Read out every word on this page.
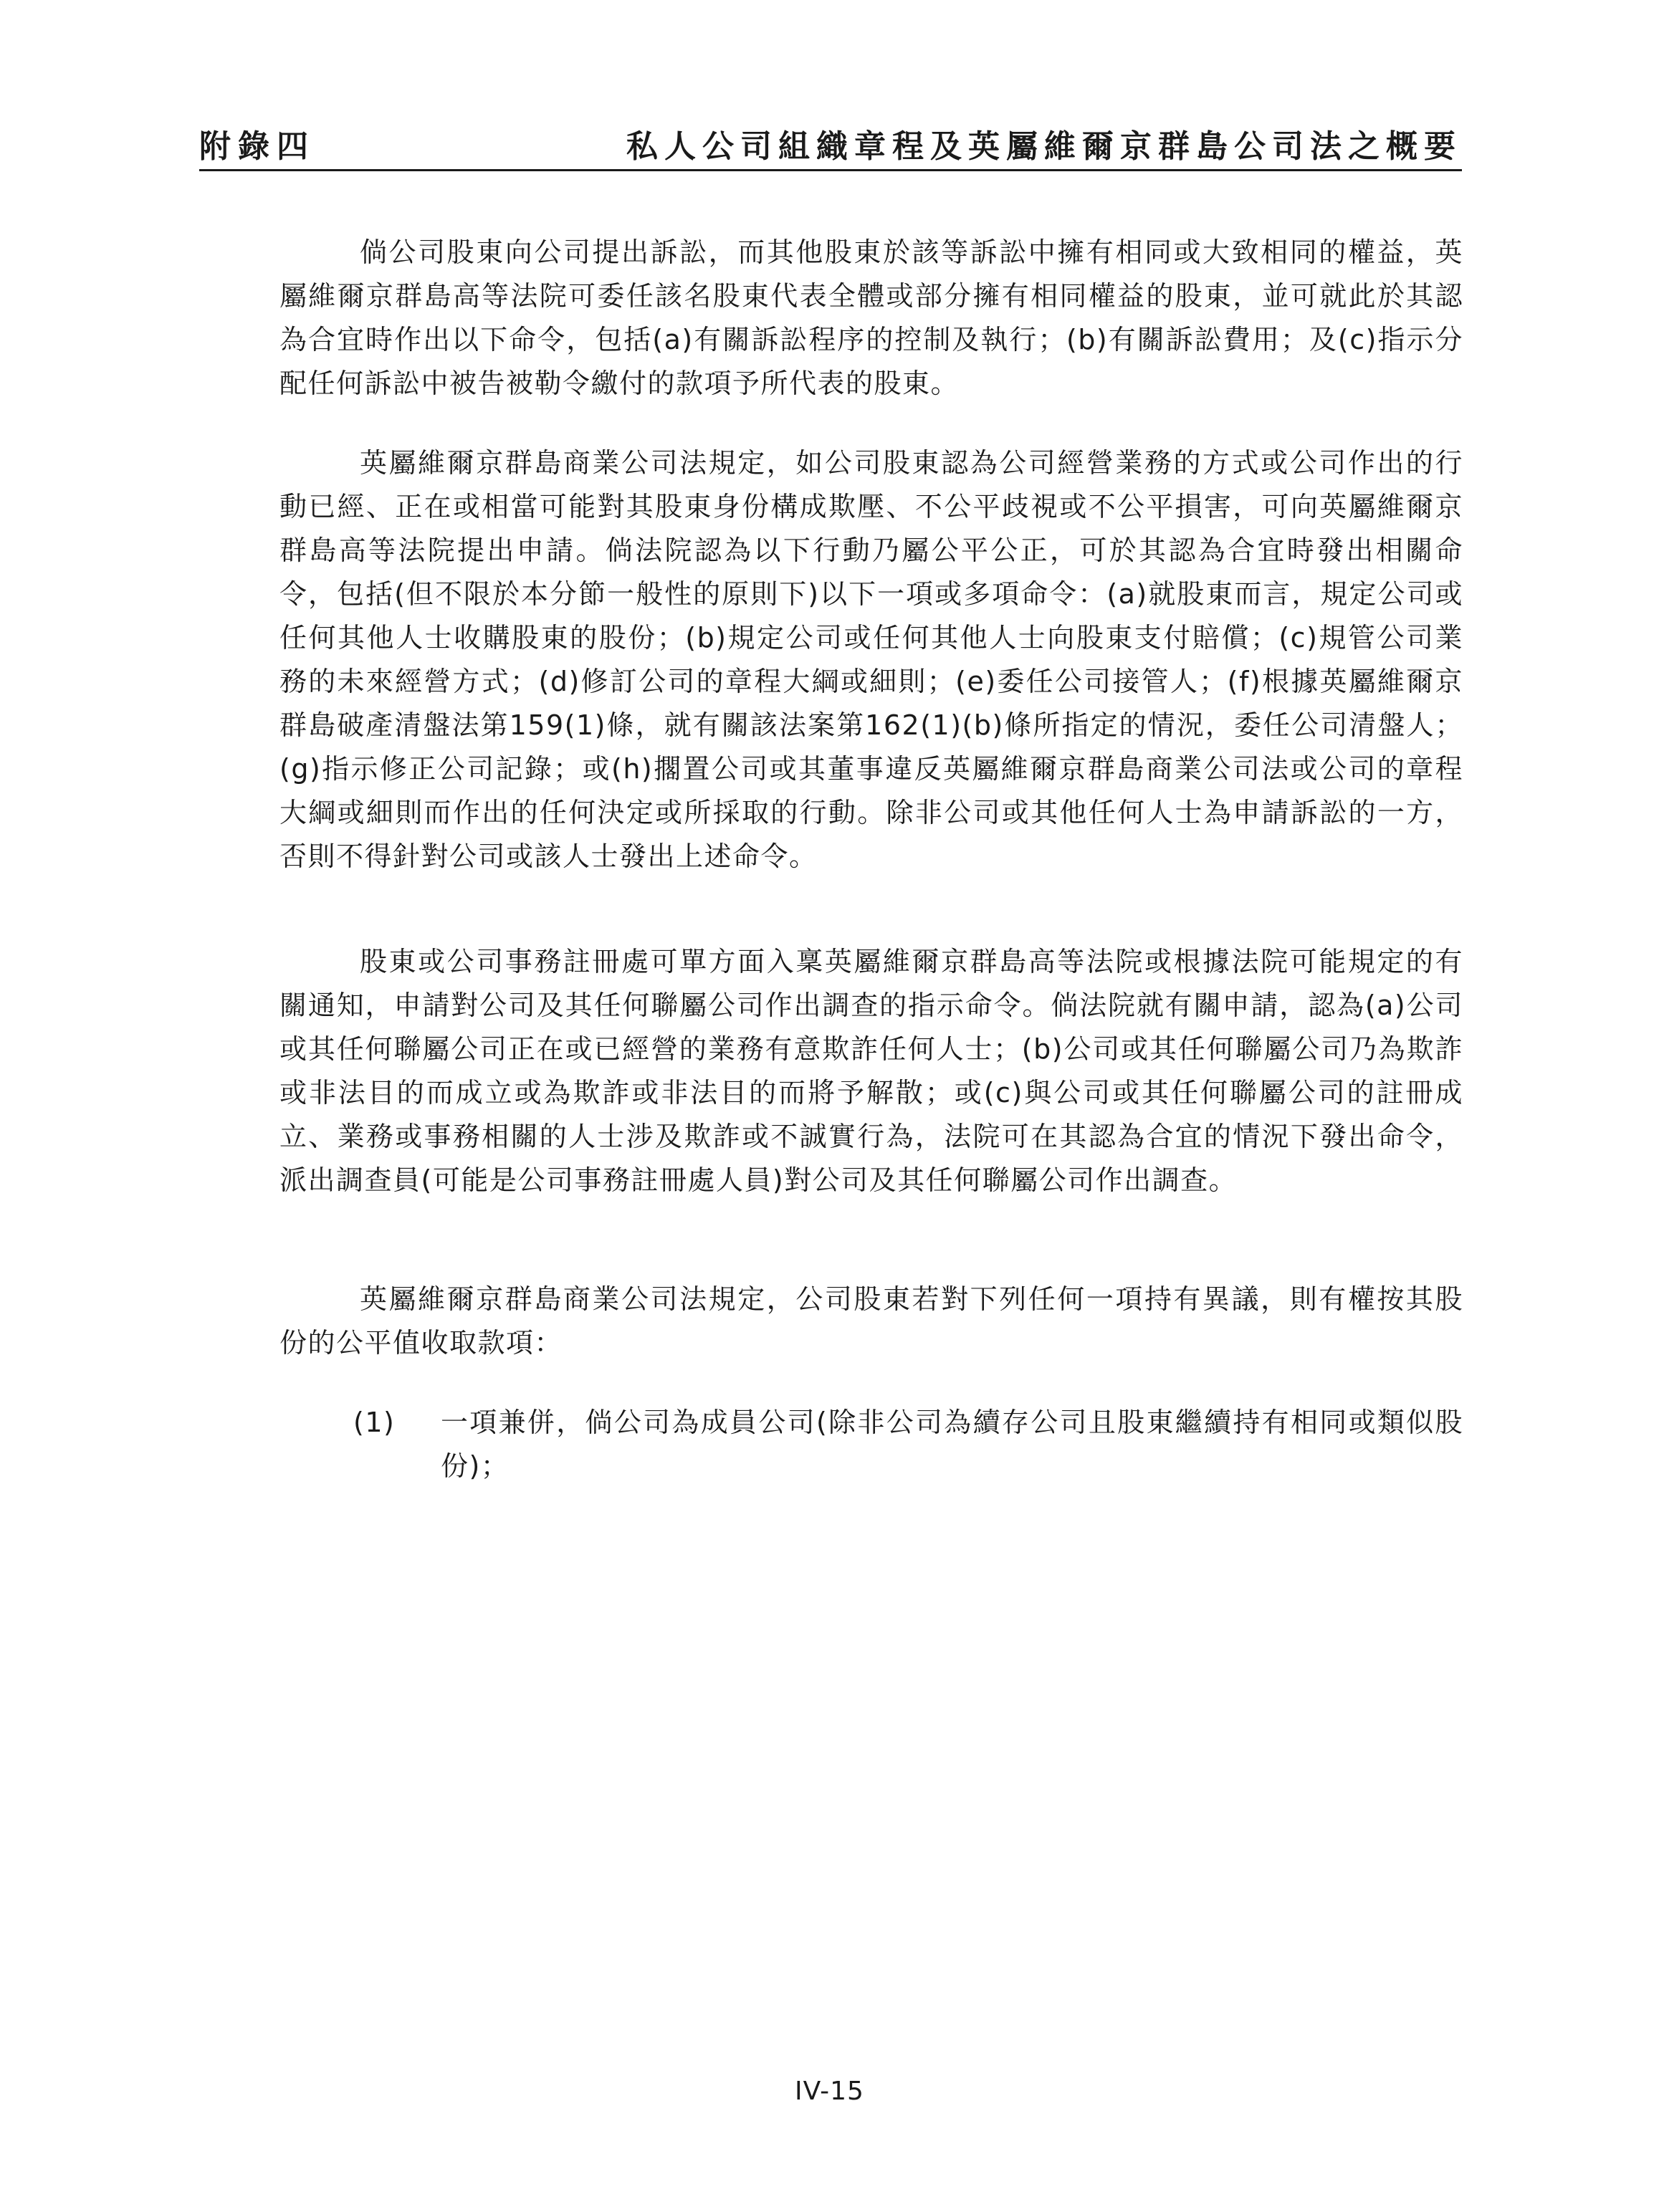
附錄四	私人公司組織章程及英屬維爾京群島公司法之概要

倘公司股東向公司提出訴訟，而其他股東於該等訴訟中擁有相同或大致相同的權益，英屬維爾京群島高等法院可委任該名股東代表全體或部分擁有相同權益的股東，並可就此於其認為合宜時作出以下命令，包括(a)有關訴訟程序的控制及執行；(b)有關訴訟費用；及(c)指示分配任何訴訟中被告被勒令繳付的款項予所代表的股東。

英屬維爾京群島商業公司法規定，如公司股東認為公司經營業務的方式或公司作出的行動已經、正在或相當可能對其股東身份構成欺壓、不公平歧視或不公平損害，可向英屬維爾京群島高等法院提出申請。倘法院認為以下行動乃屬公平公正，可於其認為合宜時發出相關命令，包括(但不限於本分節一般性的原則下)以下一項或多項命令：(a)就股東而言，規定公司或任何其他人士收購股東的股份；(b)規定公司或任何其他人士向股東支付賠償；(c)規管公司業務的未來經營方式；(d)修訂公司的章程大綱或細則；(e)委任公司接管人；(f)根據英屬維爾京群島破產清盤法第159(1)條，就有關該法案第162(1)(b)條所指定的情況，委任公司清盤人；(g)指示修正公司記錄；或(h)擱置公司或其董事違反英屬維爾京群島商業公司法或公司的章程大綱或細則而作出的任何決定或所採取的行動。除非公司或其他任何人士為申請訴訟的一方，否則不得針對公司或該人士發出上述命令。

股東或公司事務註冊處可單方面入稟英屬維爾京群島高等法院或根據法院可能規定的有關通知，申請對公司及其任何聯屬公司作出調查的指示命令。倘法院就有關申請，認為(a)公司或其任何聯屬公司正在或已經營的業務有意欺詐任何人士；(b)公司或其任何聯屬公司乃為欺詐或非法目的而成立或為欺詐或非法目的而將予解散；或(c)與公司或其任何聯屬公司的註冊成立、業務或事務相關的人士涉及欺詐或不誠實行為，法院可在其認為合宜的情況下發出命令，派出調查員(可能是公司事務註冊處人員)對公司及其任何聯屬公司作出調查。

英屬維爾京群島商業公司法規定，公司股東若對下列任何一項持有異議，則有權按其股份的公平值收取款項：

(1)	一項兼併，倘公司為成員公司(除非公司為續存公司且股東繼續持有相同或類似股份)；
IV-15
